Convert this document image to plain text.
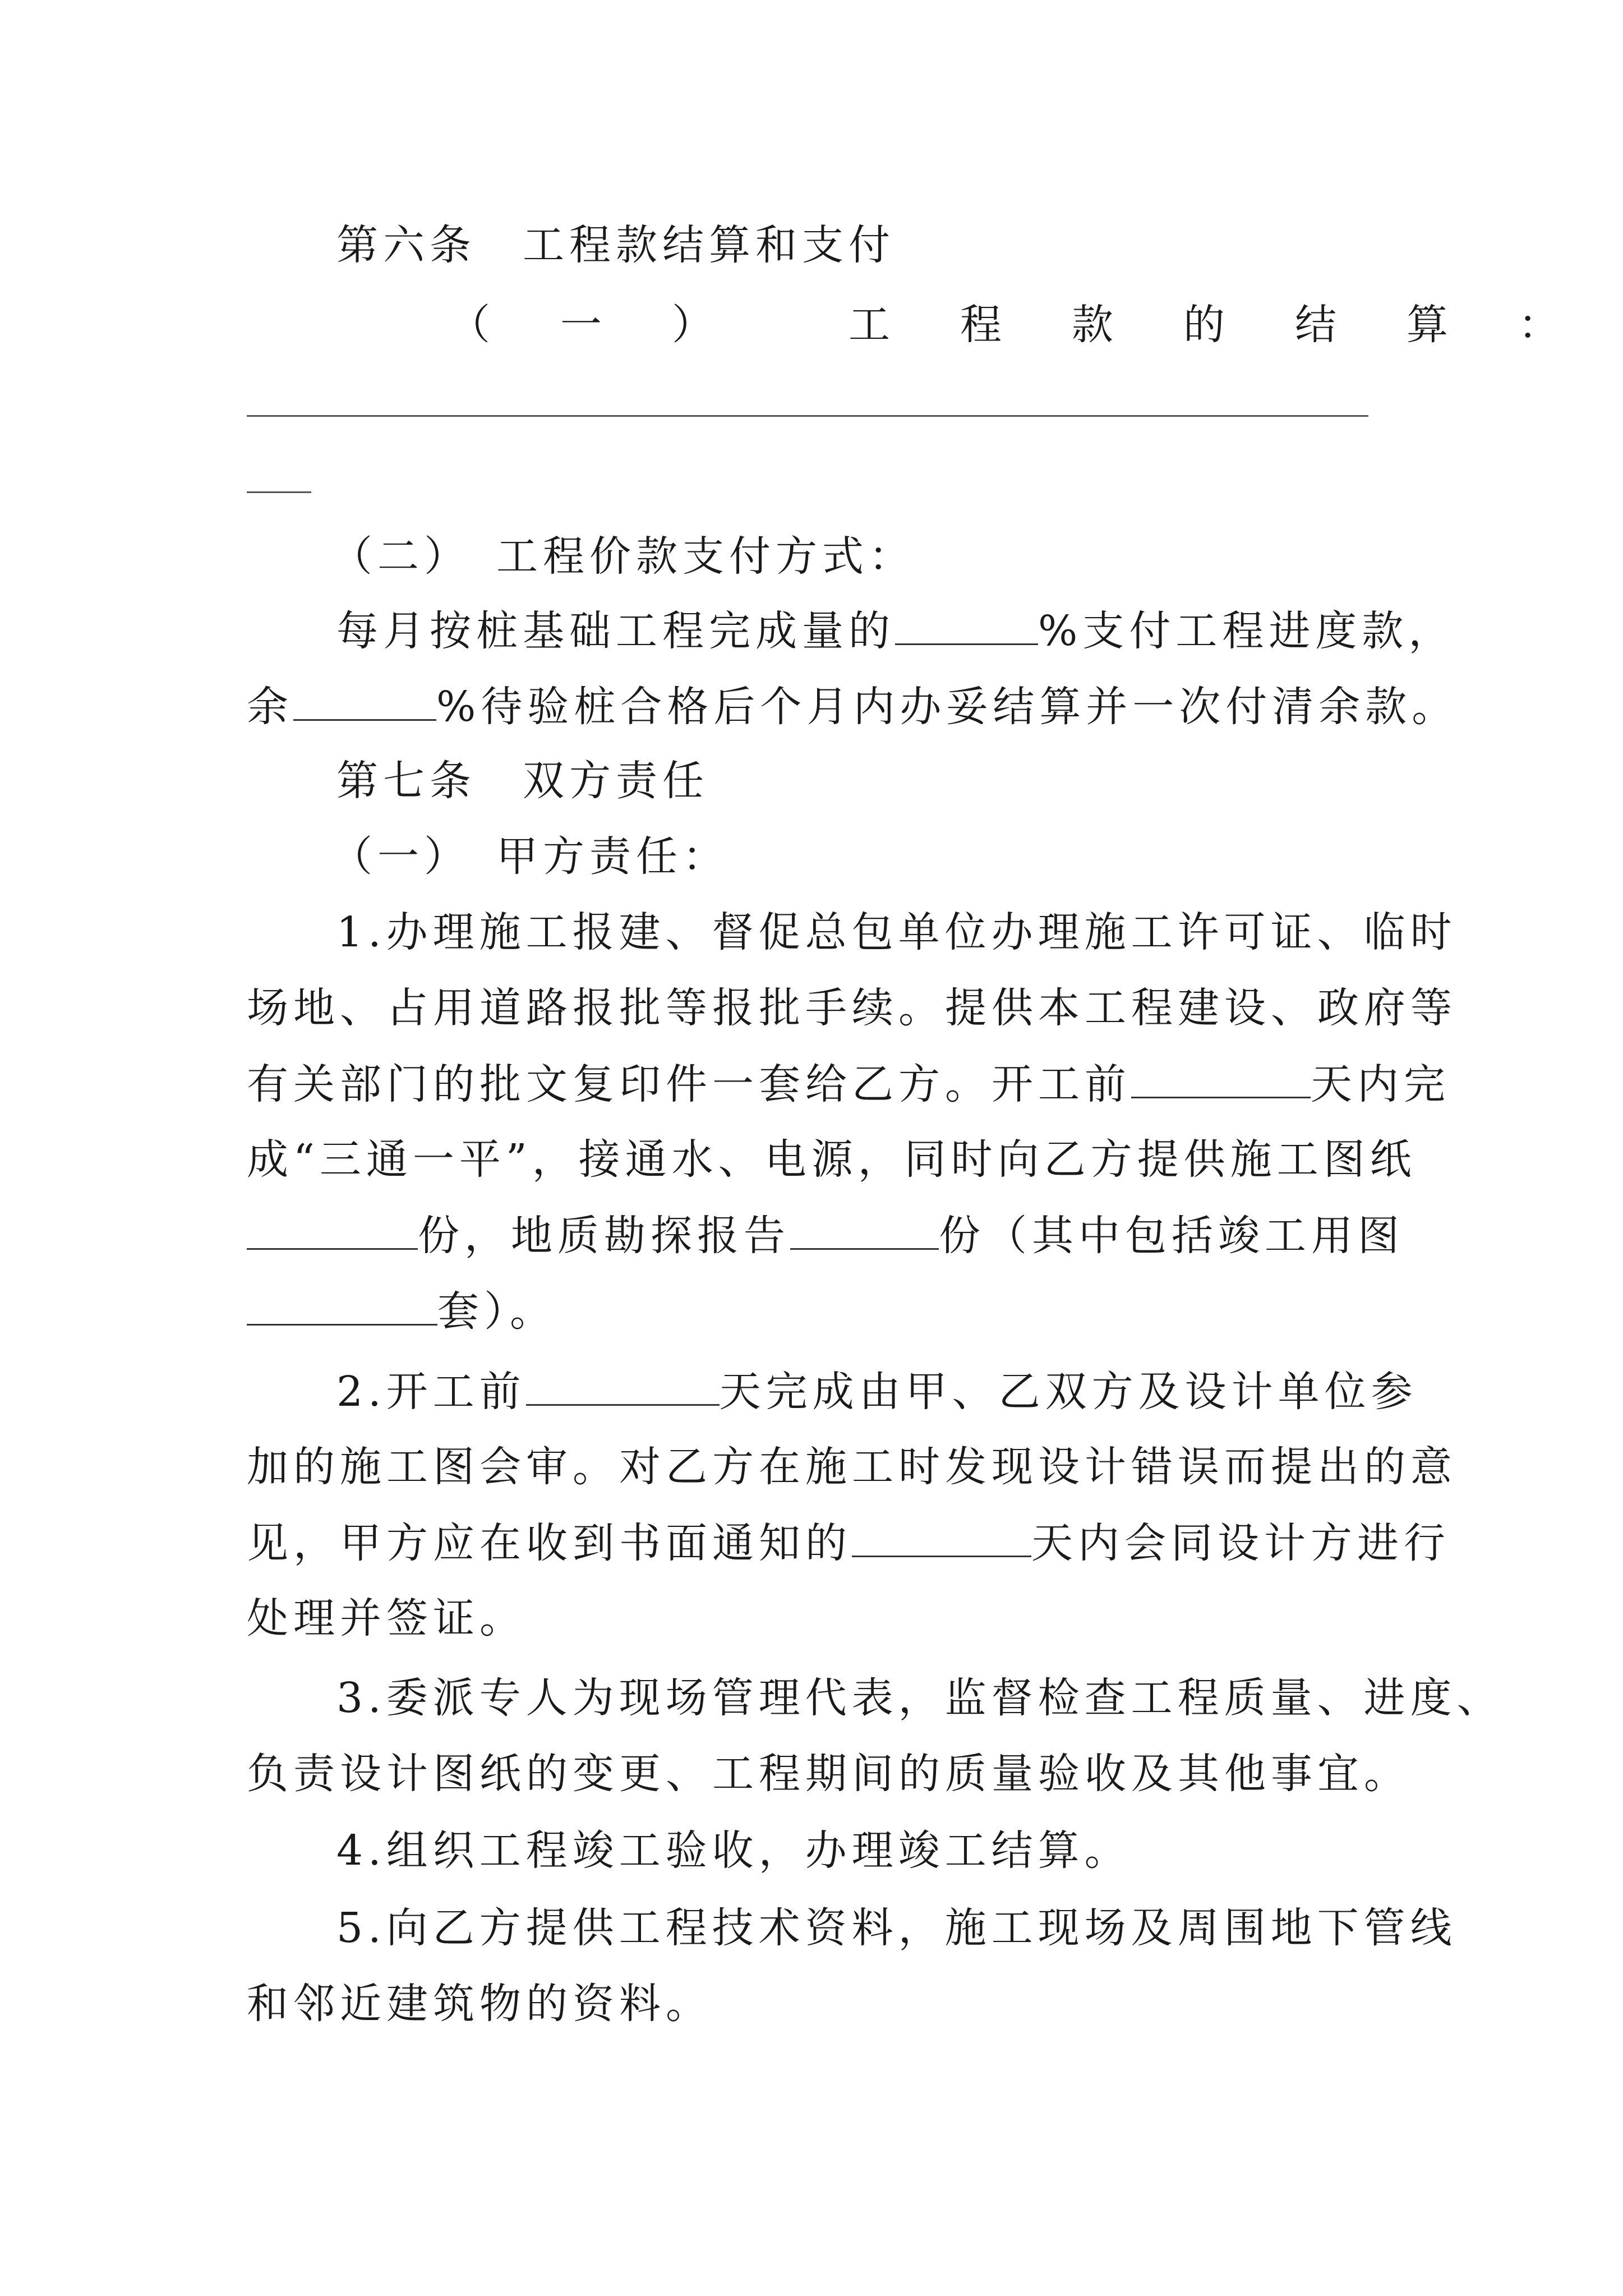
第六条　工程款结算和支付
（ 一 ）	工 程 款 的 结 算 ：
（二）　工程价款支付方式：
每月按桩基础工程完成量的	%支付工程进度款，
余	%待验桩合格后个月内办妥结算并一次付清余款。
第七条　双方责任
（一）　甲方责任：
1.办理施工报建、督促总包单位办理施工许可证、临时
场地、占用道路报批等报批手续。提供本工程建设、政府等
有关部门的批文复印件一套给乙方。开工前	天内完
成“三通一平”，接通水、电源，同时向乙方提供施工图纸
份，地质勘探报告	份（其中包括竣工用图
套）。
2.开工前	天完成由甲、乙双方及设计单位参
加的施工图会审。对乙方在施工时发现设计错误而提出的意
见，甲方应在收到书面通知的	天内会同设计方进行
处理并签证。
3.委派专人为现场管理代表，监督检查工程质量、进度、
负责设计图纸的变更、工程期间的质量验收及其他事宜。
4.组织工程竣工验收，办理竣工结算。
5.向乙方提供工程技术资料，施工现场及周围地下管线
和邻近建筑物的资料。
